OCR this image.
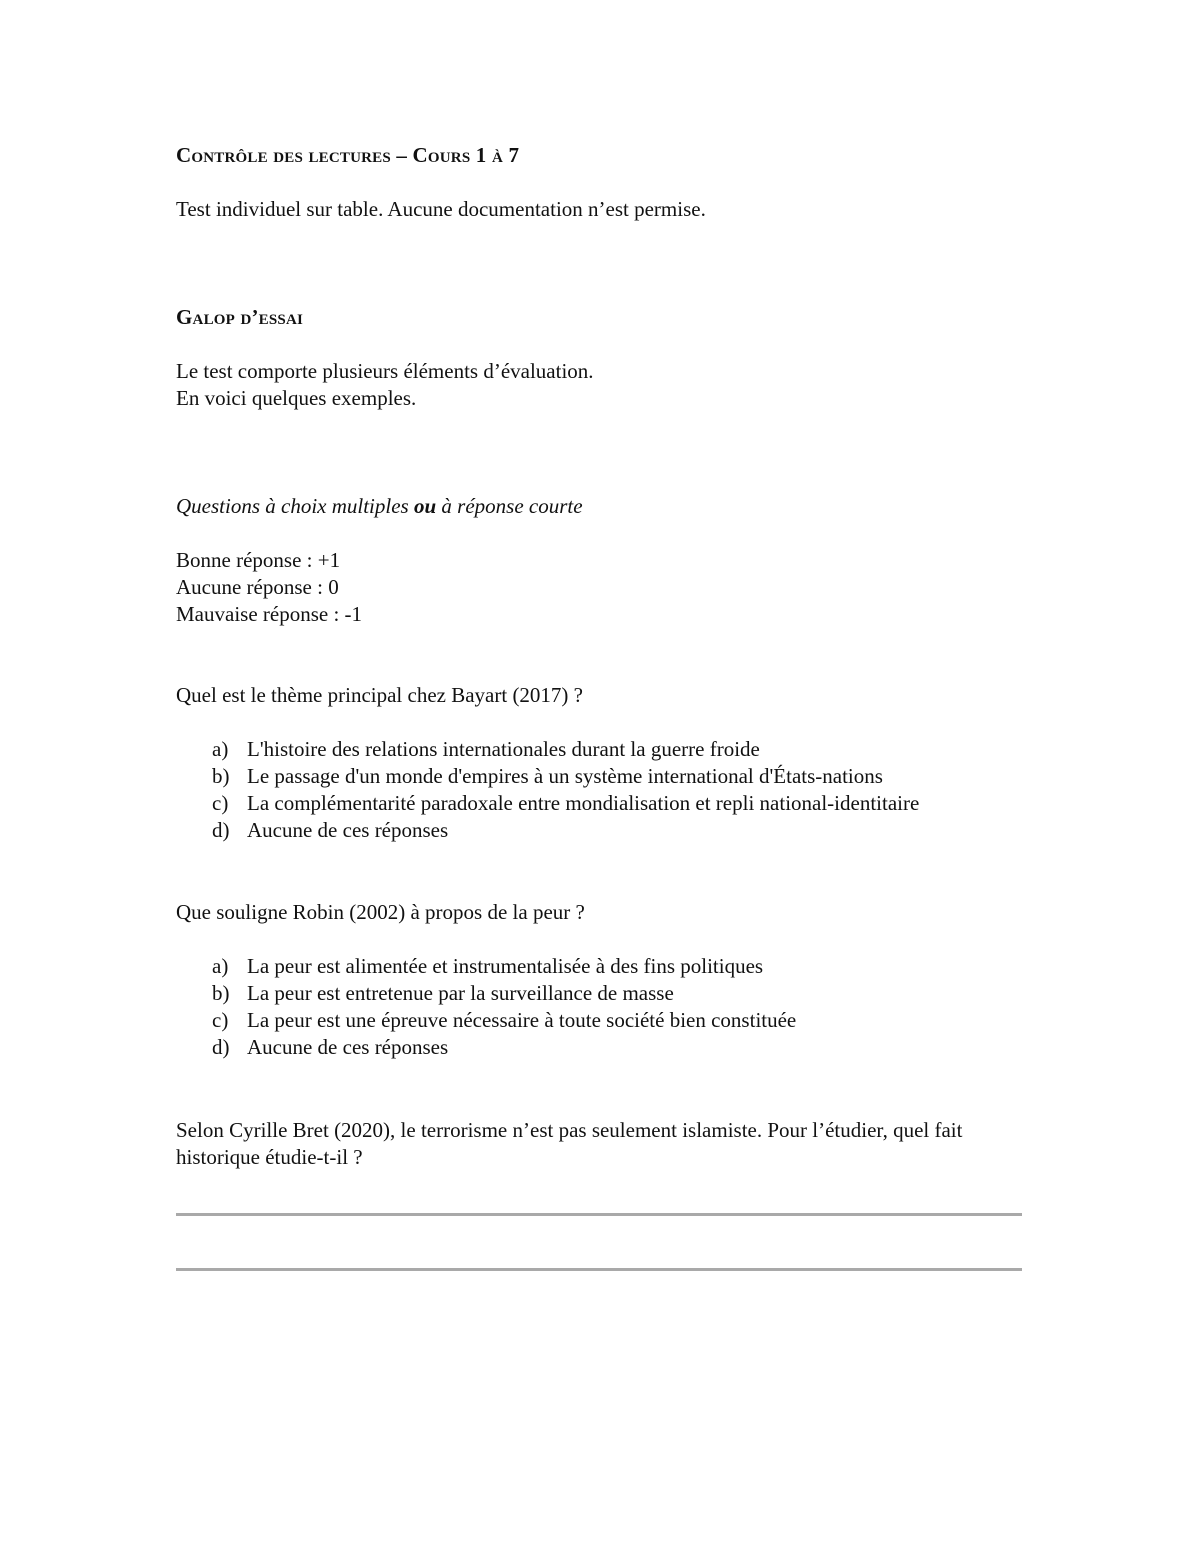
Contrôle des lectures – Cours 1 à 7
Test individuel sur table. Aucune documentation n’est permise.
Galop d’essai
Le test comporte plusieurs éléments d’évaluation.
En voici quelques exemples.
Questions à choix multiples ou à réponse courte
Bonne réponse : +1
Aucune réponse : 0
Mauvaise réponse : -1
Quel est le thème principal chez Bayart (2017) ?
a) L'histoire des relations internationales durant la guerre froide
b) Le passage d'un monde d'empires à un système international d'États-nations
c) La complémentarité paradoxale entre mondialisation et repli national-identitaire
d) Aucune de ces réponses
Que souligne Robin (2002) à propos de la peur ?
a) La peur est alimentée et instrumentalisée à des fins politiques
b) La peur est entretenue par la surveillance de masse
c) La peur est une épreuve nécessaire à toute société bien constituée
d) Aucune de ces réponses
Selon Cyrille Bret (2020), le terrorisme n’est pas seulement islamiste. Pour l’étudier, quel fait historique étudie-t-il ?
